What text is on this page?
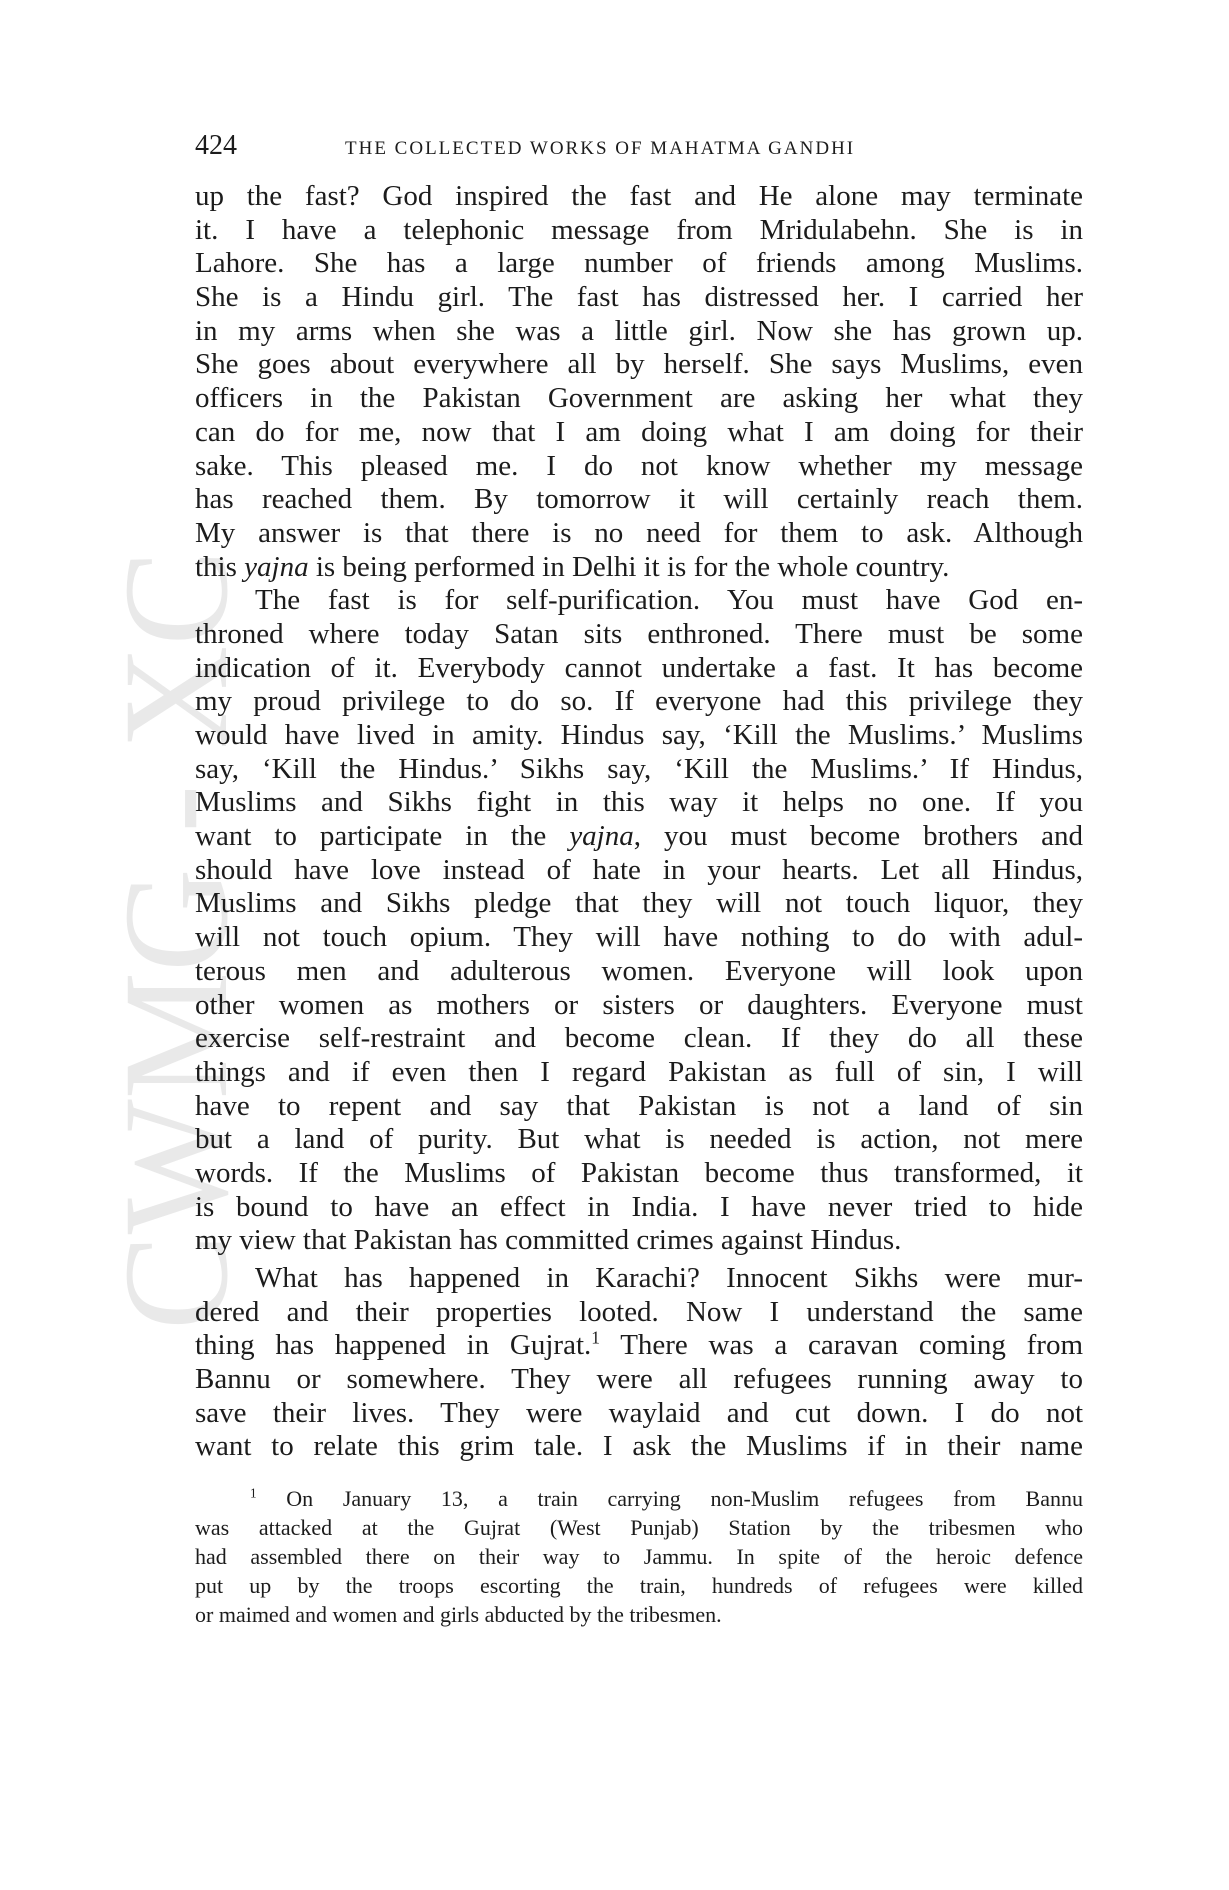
CWMG X
424	THE COLLECTED WORKS OF MAHATMA GANDHI
up the fast? God inspired the fast and He alone may terminate
it. I have a telephonic message from Mridulabehn. She is in
Lahore. She has a large number of friends among Muslims.
She is a Hindu girl. The fast has distressed her. I carried her
in my arms when she was a little girl. Now she has grown up.
She goes about everywhere all by herself. She says Muslims, even
officers in the Pakistan Government are asking her what they
can do for me, now that I am doing what I am doing for their
sake. This pleased me. I do not know whether my message
has reached them. By tomorrow it will certainly reach them.
My answer is that there is no need for them to ask. Although
this yajna is being performed in Delhi it is for the whole country.
The fast is for self-purification. You must have God en-
throned where today Satan sits enthroned. There must be some
indication of it. Everybody cannot undertake a fast. It has become
my proud privilege to do so. If everyone had this privilege they
would have lived in amity. Hindus say, ‘Kill the Muslims.’ Muslims
say, ‘Kill the Hindus.’ Sikhs say, ‘Kill the Muslims.’ If Hindus,
Muslims and Sikhs fight in this way it helps no one. If you
want to participate in the yajna, you must become brothers and
should have love instead of hate in your hearts. Let all Hindus,
Muslims and Sikhs pledge that they will not touch liquor, they
will not touch opium. They will have nothing to do with adul-
terous men and adulterous women. Everyone will look upon
other women as mothers or sisters or daughters. Everyone must
exercise self-restraint and become clean. If they do all these
things and if even then I regard Pakistan as full of sin, I will
have to repent and say that Pakistan is not a land of sin
but a land of purity. But what is needed is action, not mere
words. If the Muslims of Pakistan become thus transformed, it
is bound to have an effect in India. I have never tried to hide
my view that Pakistan has committed crimes against Hindus.
What has happened in Karachi? Innocent Sikhs were mur-
dered and their properties looted. Now I understand the same
thing has happened in Gujrat.$^1$ There was a caravan coming from
Bannu or somewhere. They were all refugees running away to
save their lives. They were waylaid and cut down. I do not
want to relate this grim tale. I ask the Muslims if in their name
$^1$ On January 13, a train carrying non-Muslim refugees from Bannu
was attacked at the Gujrat (West Punjab) Station by the tribesmen who
had assembled there on their way to Jammu. In spite of the heroic defence
put up by the troops escorting the train, hundreds of refugees were killed
or maimed and women and girls abducted by the tribesmen.
